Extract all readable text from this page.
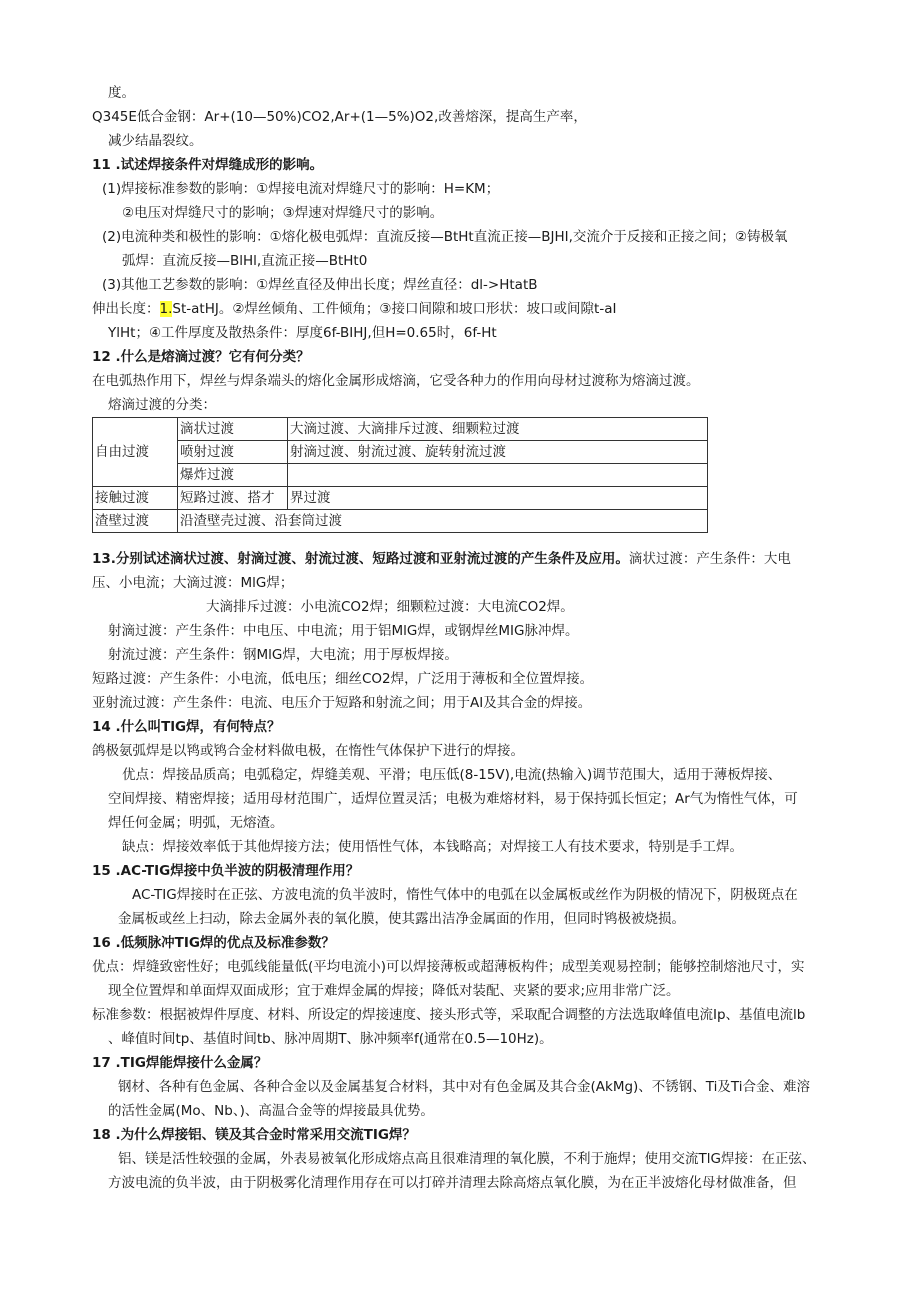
度。
Q345E低合金钢：Ar+(10—50%)CO2,Ar+(1—5%)O2,改善熔深，提高生产率，
减少结晶裂纹。
11 .试述焊接条件对焊缝成形的影响。
(1)焊接标准参数的影响：①焊接电流对焊缝尺寸的影响：H=KM；
②电压对焊缝尺寸的影响；③焊速对焊缝尺寸的影响。
(2)电流种类和极性的影响：①熔化极电弧焊：直流反接—BtHt直流正接—BJHI,交流介于反接和正接之间；②铸极氧
弧焊：直流反接—BlHl,直流正接—BtHt0
(3)其他工艺参数的影响：①焊丝直径及伸出长度；焊丝直径：dl->HtatB
伸出长度：1.St-atHJ。②焊丝倾角、工件倾角；③接口间隙和坡口形状：坡口或间隙t-aI
YlHt；④工件厚度及散热条件：厚度6f-BIHJ,但H=0.65时，6f-Ht
12 .什么是熔滴过渡？它有何分类？
在电弧热作用下，焊丝与焊条端头的熔化金属形成熔滴，它受各种力的作用向母材过渡称为熔滴过渡。
熔滴过渡的分类：
自由过渡	滴状过渡	大滴过渡、大滴排斥过渡、细颗粒过渡
	喷射过渡	射滴过渡、射流过渡、旋转射流过渡
	爆炸过渡	
接触过渡	短路过渡、搭才	界过渡
渣壁过渡	沿渣壁壳过渡、沿套筒过渡	
13.分别试述滴状过渡、射滴过渡、射流过渡、短路过渡和亚射流过渡的产生条件及应用。滴状过渡：产生条件：大电
压、小电流；大滴过渡：MlG焊；
大滴排斥过渡：小电流CO2焊；细颗粒过渡：大电流CO2焊。
射滴过渡：产生条件：中电压、中电流；用于铝MlG焊，或钢焊丝MIG脉冲焊。
射流过渡：产生条件：钢MlG焊，大电流；用于厚板焊接。
短路过渡：产生条件：小电流，低电压；细丝CO2焊，广泛用于薄板和全位置焊接。
亚射流过渡：产生条件：电流、电压介于短路和射流之间；用于AI及其合金的焊接。
14 .什么叫TlG焊，有何特点？
鸽极氨弧焊是以鸨或鸨合金材料做电极，在惰性气体保护下进行的焊接。
优点：焊接品质高；电弧稳定，焊缝美观、平滑；电压低(8-15V),电流(热输入)调节范围大，适用于薄板焊接、
空间焊接、精密焊接；适用母材范围广，适焊位置灵活；电极为难熔材料，易于保持弧长恒定；Ar气为惰性气体，可
焊任何金属；明弧，无熔渣。
缺点：焊接效率低于其他焊接方法；使用悟性气体，本钱略高；对焊接工人有技术要求，特别是手工焊。
15 .AC-TIG焊接中负半波的阴极清理作用？
AC-TIG焊接时在正弦、方波电流的负半波时，惰性气体中的电弧在以金属板或丝作为阴极的情况下，阴极斑点在
金属板或丝上扫动，除去金属外表的氧化膜，使其露出洁净金属面的作用，但同时鸨极被烧损。
16 .低频脉冲TIG焊的优点及标准参数？
优点：焊缝致密性好；电弧线能量低(平均电流小)可以焊接薄板或超薄板构件；成型美观易控制；能够控制熔池尺寸，实
现全位置焊和单面焊双面成形；宜于难焊金属的焊接；降低对装配、夹紧的要求;应用非常广泛。
标准参数：根据被焊件厚度、材料、所设定的焊接速度、接头形式等，采取配合调整的方法选取峰值电流Ip、基值电流lb
、峰值时间tp、基值时间tb、脉冲周期T、脉冲频率f(通常在0.5—10Hz)。
17 .TIG焊能焊接什么金属？
钢材、各种有色金属、各种合金以及金属基复合材料，其中对有色金属及其合金(AkMg)、不锈钢、Ti及Ti合金、难溶
的活性金属(Mo、Nb、)、高温合金等的焊接最具优势。
18 .为什么焊接铝、镁及其合金时常采用交流TIG焊？
铝、镁是活性较强的金属，外表易被氧化形成熔点高且很难清理的氧化膜，不利于施焊；使用交流TlG焊接：在正弦、
方波电流的负半波，由于阴极雾化清理作用存在可以打碎并清理去除高熔点氧化膜，为在正半波熔化母材做准备，但
